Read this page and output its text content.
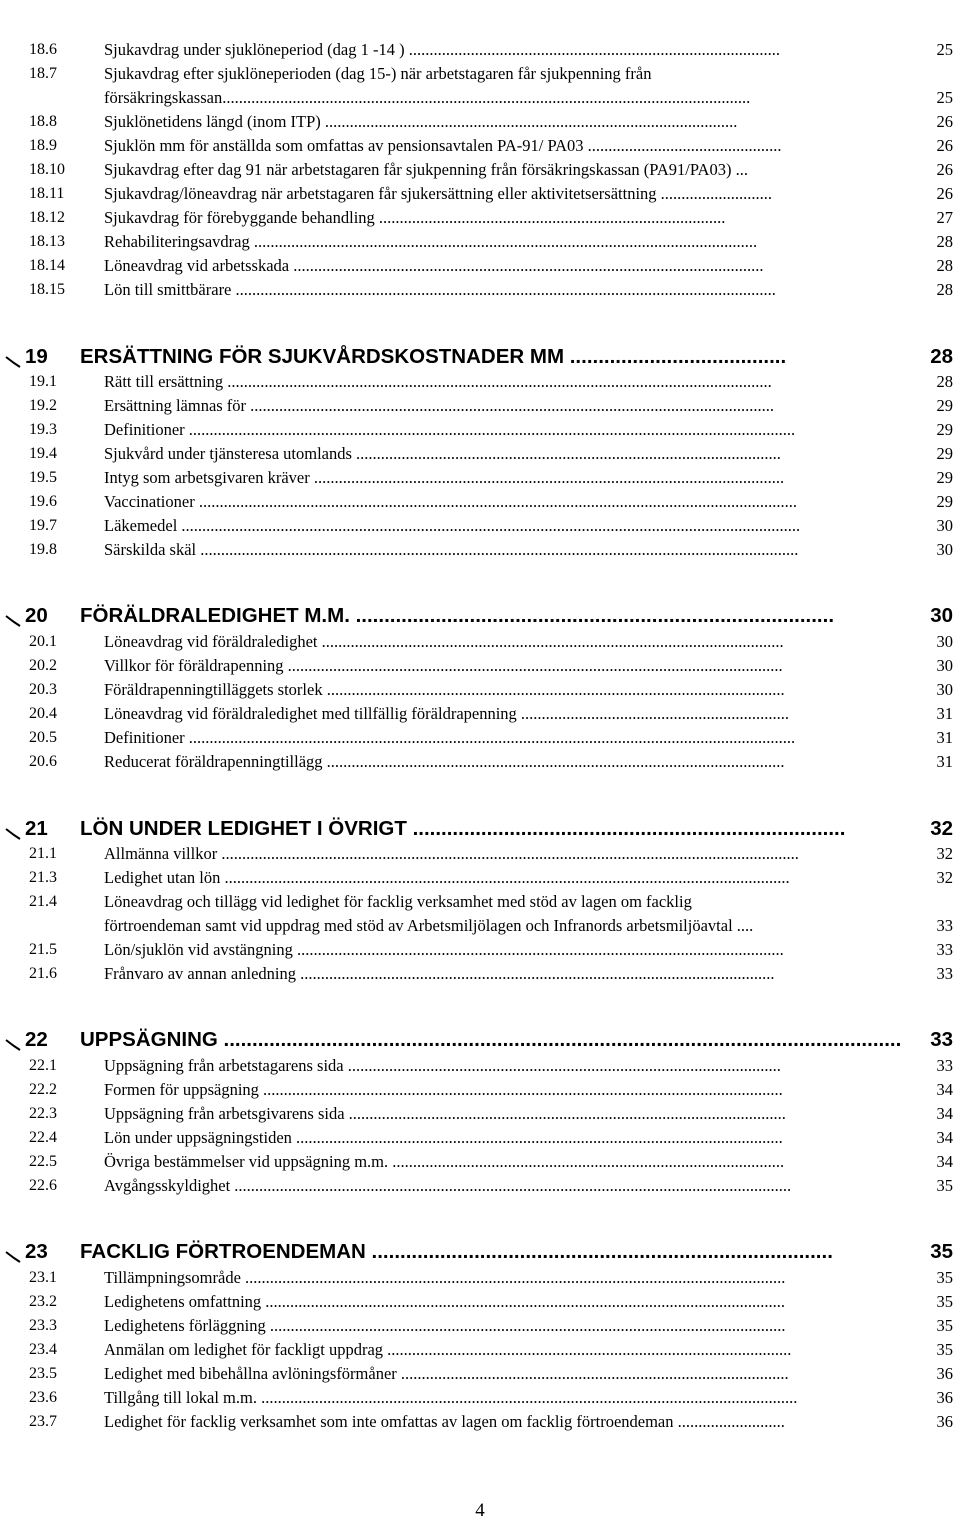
18.6	Sjukavdrag under sjuklöneperiod (dag 1 -14 ) ..........................................................................................	25
18.7	Sjukavdrag efter sjuklöneperioden (dag 15-) när arbetstagaren får sjukpenning från
försäkringskassan................................................................................................................................	25
18.8	Sjuklönetidens längd (inom ITP) ....................................................................................................	26
18.9	Sjuklön mm för anställda som omfattas av pensionsavtalen PA-91/ PA03 ...............................................	26
18.10 Sjukavdrag efter dag 91 när arbetstagaren får sjukpenning från försäkringskassan (PA91/PA03) ...	26
18.11 Sjukavdrag/löneavdrag när arbetstagaren får sjukersättning eller aktivitetsersättning ...........................	26
18.12 Sjukavdrag för förebyggande behandling ....................................................................................	27
18.13 Rehabiliteringsavdrag ..........................................................................................................................	28
18.14 Löneavdrag vid arbetsskada ..................................................................................................................	28
18.15 Lön till smittbärare ...................................................................................................................................	28
19 ERSÄTTNING FÖR SJUKVÅRDSKOSTNADER MM ......................................	28
19.1	Rätt till ersättning ....................................................................................................................................	28
19.2	Ersättning lämnas för ...............................................................................................................................	29
19.3	Definitioner ...................................................................................................................................................	29
19.4	Sjukvård under tjänsteresa utomlands .......................................................................................................	29
19.5	Intyg som arbetsgivaren kräver ..................................................................................................................	29
19.6	Vaccinationer .................................................................................................................................................	29
19.7	Läkemedel ......................................................................................................................................................	30
19.8	Särskilda skäl .................................................................................................................................................	30
20 FÖRÄLDRALEDIGHET M.M. ....................................................................................	30
20.1	Löneavdrag vid föräldraledighet ................................................................................................................	30
20.2	Villkor för föräldrapenning ........................................................................................................................	30
20.3	Föräldrapenningtilläggets storlek ...............................................................................................................	30
20.4	Löneavdrag vid föräldraledighet med tillfällig föräldrapenning .................................................................	31
20.5	Definitioner ...................................................................................................................................................	31
20.6	Reducerat föräldrapenningtillägg ...............................................................................................................	31
21 LÖN UNDER LEDIGHET I ÖVRIGT ............................................................................	32
21.1	Allmänna villkor ............................................................................................................................................	32
21.3	Ledighet utan lön .........................................................................................................................................	32
21.4	Löneavdrag och tillägg vid ledighet för facklig verksamhet med stöd av lagen om facklig
förtroendeman samt vid uppdrag med stöd av Arbetsmiljölagen och Infranords arbetsmiljöavtal ....	33
21.5	Lön/sjuklön vid avstängning ......................................................................................................................	33
21.6	Frånvaro av annan anledning ...................................................................................................................	33
22 UPPSÄGNING ....................................................................................................................... 33
22.1	Uppsägning från arbetstagarens sida .........................................................................................................	33
22.2	Formen för uppsägning ..............................................................................................................................	34
22.3	Uppsägning från arbetsgivarens sida ..........................................................................................................	34
22.4	Lön under uppsägningstiden ......................................................................................................................	34
22.5	Övriga bestämmelser vid uppsägning m.m. ...............................................................................................	34
22.6	Avgångsskyldighet .......................................................................................................................................	35
23 FACKLIG FÖRTROENDEMAN .................................................................................	35
23.1	Tillämpningsområde ...................................................................................................................................	35
23.2	Ledighetens omfattning ..............................................................................................................................	35
23.3	Ledighetens förläggning .............................................................................................................................	35
23.4	Anmälan om ledighet för fackligt uppdrag ..................................................................................................	35
23.5	Ledighet med bibehållna avlöningsförmåner ..............................................................................................	36
23.6	Tillgång till lokal m.m. ..................................................................................................................................	36
23.7	Ledighet för facklig verksamhet som inte omfattas av lagen om facklig förtroendeman ..........................	36
4
